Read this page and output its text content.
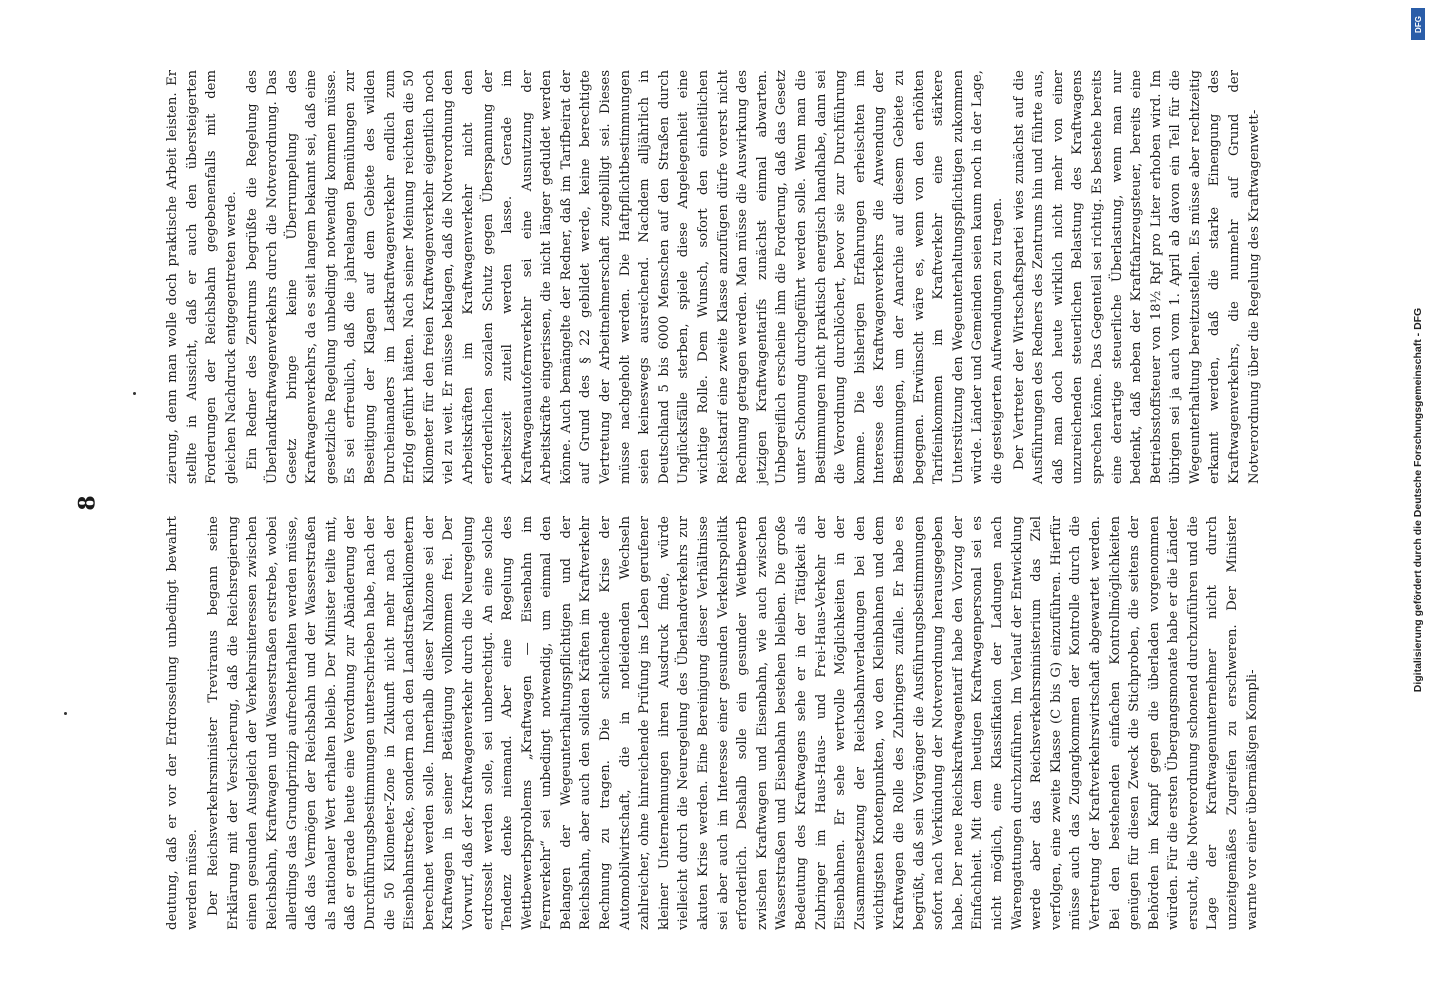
8

deutung, daß er vor der Erdrosselung unbedingt bewahrt werden müsse. Der Reichsverkehrsminister Treviranus begann seine Erklärung mit der Versicherung, daß die Reichsregierung einen gesunden Ausgleich der Verkehrsinteressen zwischen Reichsbahn, Kraftwagen und Wasserstraßen erstrebe, wobei allerdings das Grundprinzip aufrechterhalten werden müsse, daß das Vermögen der Reichsbahn und der Wasserstraßen als nationaler Wert erhalten bleibe. Der Minister teilte mit, daß er gerade heute eine Verordnung zur Abänderung der Durchführungsbestimmungen unterschrieben habe, nach der die 50 Kilometer-Zone in Zukunft nicht mehr nach der Eisenbahnstrecke, sondern nach den Landstraßenkilometern berechnet werden solle. Innerhalb dieser Nahzone sei der Kraftwagen in seiner Betätigung vollkommen frei. Der Vorwurf, daß der Kraftwagenverkehr durch die Neuregelung erdrosselt werden solle, sei unberechtigt. An eine solche Tendenz denke niemand. Aber eine Regelung des Wettbewerbsproblems „Kraftwagen — Eisenbahn im Fernverkehr“ sei unbedingt notwendig, um einmal den Belangen der Wegeunterhaltungspflichtigen und der Reichsbahn, aber auch den soliden Kräften im Kraftverkehr Rechnung zu tragen. Die schleichende Krise der Automobilwirtschaft, die in notleidenden Wechseln zahlreicher, ohne hinreichende Prüfung ins Leben gerufener kleiner Unternehmungen ihren Ausdruck finde, würde vielleicht durch die Neuregelung des Überlandverkehrs zur akuten Krise werden. Eine Bereinigung dieser Verhältnisse sei aber auch im Interesse einer gesunden Verkehrspolitik erforderlich. Deshalb solle ein gesunder Wettbewerb zwischen Kraftwagen und Eisenbahn, wie auch zwischen Wasserstraßen und Eisenbahn bestehen bleiben. Die große Bedeutung des Kraftwagens sehe er in der Tätigkeit als Zubringer im Haus-Haus- und Frei-Haus-Verkehr der Eisenbahnen. Er sehe wertvolle Möglichkeiten in der Zusammensetzung der Reichsbahnverladungen bei den wichtigsten Knotenpunkten, wo den Kleinbahnen und dem Kraftwagen die Rolle des Zubringers zufalle. Er habe es begrüßt, daß sein Vorgänger die Ausführungsbestimmungen sofort nach Verkündung der Notverordnung herausgegeben habe. Der neue Reichskraftwagentarif habe den Vorzug der Einfachheit. Mit dem heutigen Kraftwagenpersonal sei es nicht möglich, eine Klassifikation der Ladungen nach Warengattungen durchzuführen. Im Verlauf der Entwicklung werde aber das Reichsverkehrsministerium das Ziel verfolgen, eine zweite Klasse (C bis G) einzuführen. Hierfür müsse auch das Zugangkommen der Kontrolle durch die Vertretung der Kraftverkehrswirtschaft abgewartet werden. Bei den bestehenden einfachen Kontrollmöglichkeiten genügen für diesen Zweck die Stichproben, die seitens der Behörden im Kampf gegen die überladen vorgenommen würden. Für die ersten Übergangsmonate habe er die Länder ersucht, die Notverordnung schonend durchzuführen und die Lage der Kraftwagenunternehmer nicht durch unzeitgemäßes Zugreifen zu erschweren. Der Minister warnte vor einer übermäßigen Kompli-

zierung, denn man wolle doch praktische Arbeit leisten. Er stellte in Aussicht, daß er auch den übersteigerten Forderungen der Reichsbahn gegebenenfalls mit dem gleichen Nachdruck entgegentreten werde. Ein Redner des Zentrums begrüßte die Regelung des Überlandkraftwagenverkehrs durch die Notverordnung. Das Gesetz bringe keine Überrumpelung des Kraftwagenverkehrs, da es seit langem bekannt sei, daß eine gesetzliche Regelung unbedingt notwendig kommen müsse. Es sei erfreulich, daß die jahrelangen Bemühungen zur Beseitigung der Klagen auf dem Gebiete des wilden Durcheinanders im Lastkraftwagenverkehr endlich zum Erfolg geführt hätten. Nach seiner Meinung reichten die 50 Kilometer für den freien Kraftwagenverkehr eigentlich noch viel zu weit. Er müsse beklagen, daß die Notverordnung den Arbeitskräften im Kraftwagenverkehr nicht den erforderlichen sozialen Schutz gegen Überspannung der Arbeitszeit zuteil werden lasse. Gerade im Kraftwagenautofernverkehr sei eine Ausnutzung der Arbeitskräfte eingerissen, die nicht länger geduldet werden könne. Auch bemängelte der Redner, daß im Tarifbeirat der auf Grund des § 22 gebildet werde, keine berechtigte Vertretung der Arbeitnehmerschaft zugebilligt sei. Dieses müsse nachgeholt werden. Die Haftpflichtbestimmungen seien keineswegs ausreichend. Nachdem alljährlich in Deutschland 5 bis 6000 Menschen auf den Straßen durch Unglücksfälle sterben, spiele diese Angelegenheit eine wichtige Rolle. Dem Wunsch, sofort den einheitlichen Reichstarif eine zweite Klasse anzufügen dürfe vorerst nicht Rechnung getragen werden. Man müsse die Auswirkung des jetzigen Kraftwagentarifs zunächst einmal abwarten. Unbegreiflich erscheine ihm die Forderung, daß das Gesetz unter Schonung durchgeführt werden solle. Wenn man die Bestimmungen nicht praktisch energisch handhabe, dann sei die Verordnung durchlöchert, bevor sie zur Durchführung komme. Die bisherigen Erfahrungen erheischten im Interesse des Kraftwagenverkehrs die Anwendung der Bestimmungen, um der Anarchie auf diesem Gebiete zu begegnen. Erwünscht wäre es, wenn von den erhöhten Tarifeinkommen im Kraftverkehr eine stärkere Unterstützung den Wegeunterhaltungspflichtigen zukommen würde. Länder und Gemeinden seien kaum noch in der Lage, die gesteigerten Aufwendungen zu tragen. Der Vertreter der Wirtschaftspartei wies zunächst auf die Ausführungen des Redners des Zentrums hin und führte aus, daß man doch heute wirklich nicht mehr von einer unzureichenden steuerlichen Belastung des Kraftwagens sprechen könne. Das Gegenteil sei richtig. Es bestehe bereits eine derartige steuerliche Überlastung, wenn man nur bedenkt, daß neben der Kraftfahrzeugsteuer, bereits eine Betriebsstoffsteuer von 18½ Rpf pro Liter erhoben wird. Im übrigen sei ja auch vom 1. April ab davon ein Teil für die Wegeunterhaltung bereitzustellen. Es müsse aber rechtzeitig erkannt werden, daß die starke Einengung des Kraftwagenverkehrs, die nunmehr auf Grund der Notverordnung über die Regelung des Kraftwagenwett-

DFG
Digitalisierung gefördert durch die Deutsche Forschungsgemeinschaft - DFG
